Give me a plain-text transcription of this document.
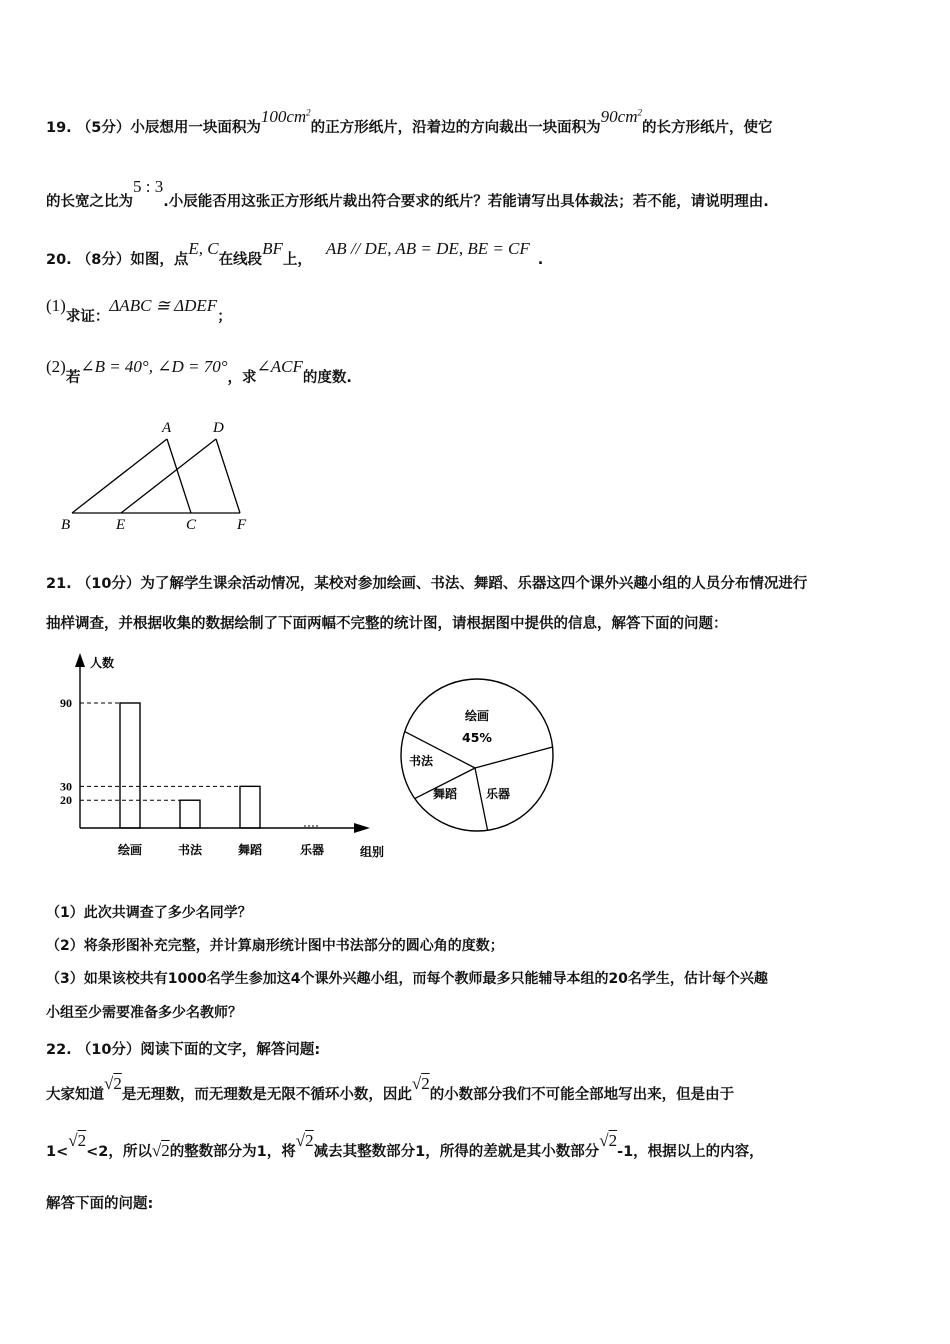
19. （5分）小辰想用一块面积为$100cm^2$的正方形纸片，沿着边的方向裁出一块面积为$90cm^2$的长方形纸片，使它
的长宽之比为5 : 3.小辰能否用这张正方形纸片裁出符合要求的纸片？若能请写出具体裁法；若不能，请说明理由.
20. （8分）如图，点E, C在线段BF上，AB // DE, AB = DE, BE = CF.
(1)求证：ΔABC ≅ ΔDEF；
(2)若∠B = 40°, ∠D = 70°，求∠ACF的度数.
A	D
B	E	C	F
21. （10分）为了解学生课余活动情况，某校对参加绘画、书法、舞蹈、乐器这四个课外兴趣小组的人员分布情况进行
抽样调查，并根据收集的数据绘制了下面两幅不完整的统计图，请根据图中提供的信息，解答下面的问题：
人数
组别
绘画	书法	舞蹈	乐器
90
30
20
绘画
45%
书法
舞蹈 乐器
（1）此次共调查了多少名同学？
（2）将条形图补充完整，并计算扇形统计图中书法部分的圆心角的度数；
（3）如果该校共有1000名学生参加这4个课外兴趣小组，而每个教师最多只能辅导本组的20名学生，估计每个兴趣
小组至少需要准备多少名教师？
22. （10分）阅读下面的文字，解答问题:
大家知道√2是无理数，而无理数是无限不循环小数，因此√2的小数部分我们不可能全部地写出来，但是由于
1<√2<2，所以√2的整数部分为1，将√2减去其整数部分1，所得的差就是其小数部分√2-1，根据以上的内容，
解答下面的问题:
